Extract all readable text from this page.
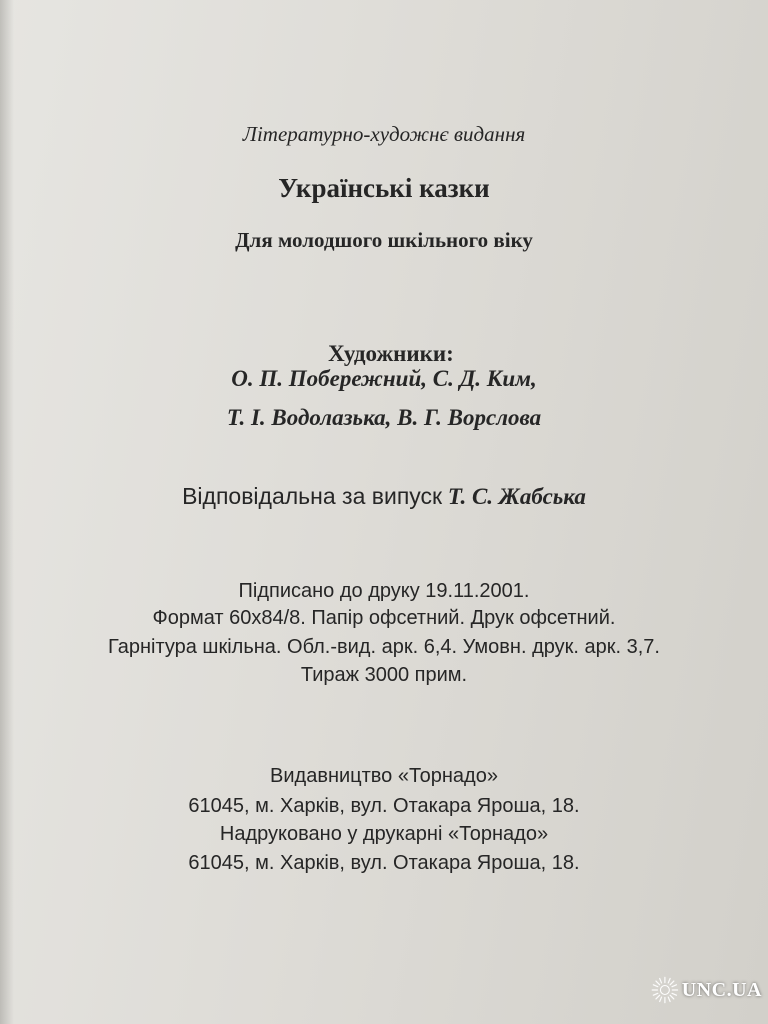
Літературно-художнє видання
Українські казки
Для молодшого шкільного віку
Художники:
О. П. Побережний, С. Д. Ким,
Т. І. Водолазька, В. Г. Ворслова
Відповідальна за випуск Т. С. Жабська
Підписано до друку 19.11.2001.
Формат 60х84/8. Папір офсетний. Друк офсетний.
Гарнітура шкільна. Обл.-вид. арк. 6,4. Умовн. друк. арк. 3,7.
Тираж 3000 прим.
Видавництво «Торнадо»
61045, м. Харків, вул. Отакара Яроша, 18.
Надруковано у друкарні «Торнадо»
61045, м. Харків, вул. Отакара Яроша, 18.
UNC.UA
